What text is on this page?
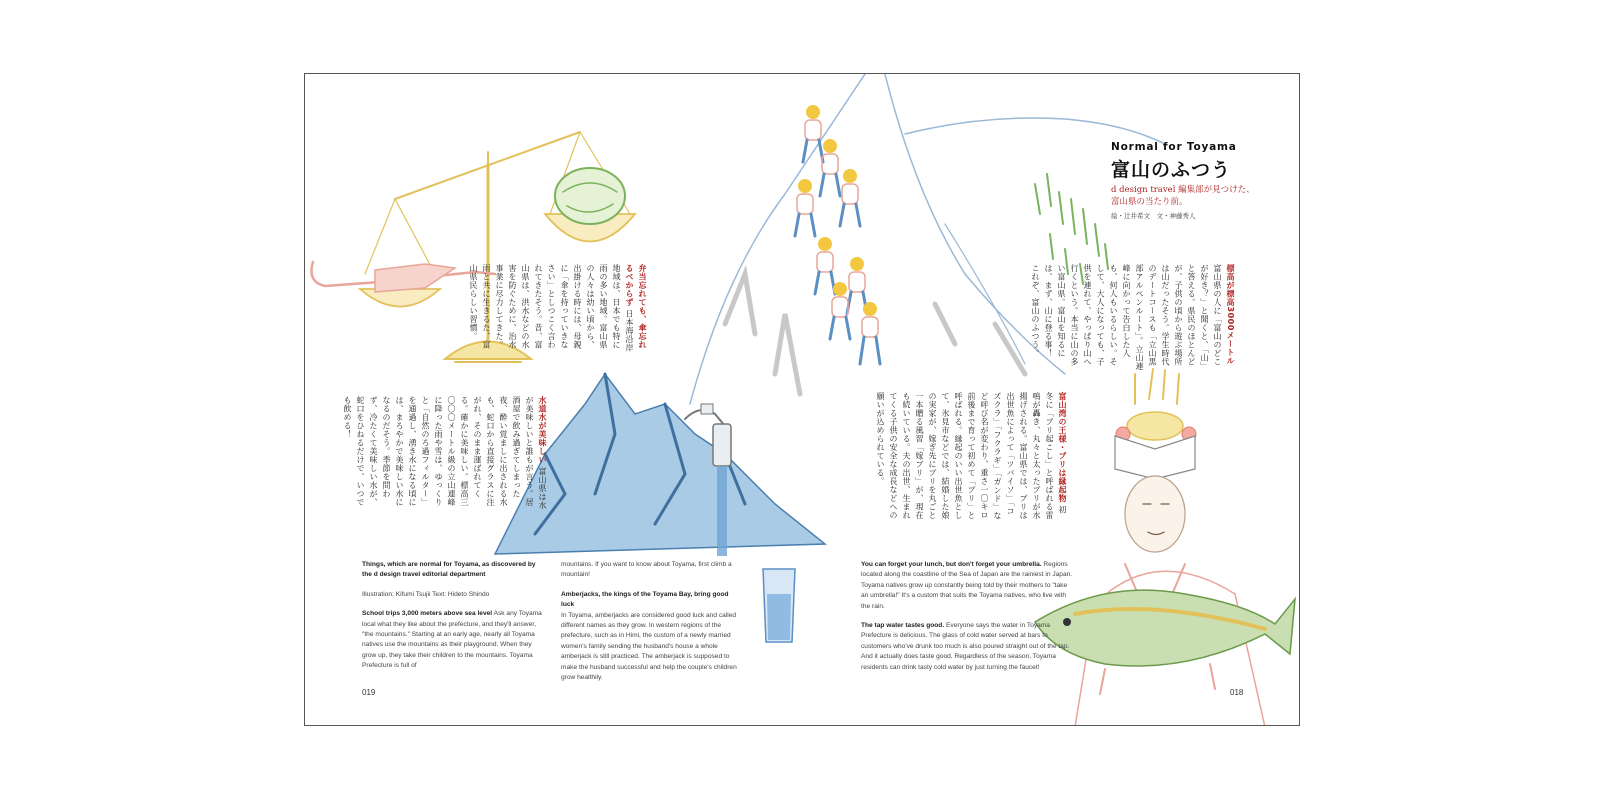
Normal for Toyama
富山のふつう
d design travel 編集部が見つけた、
富山県の当たり前。
絵・辻井希文　文・神藤秀人
標高が標高3000メートル 富山県の人に「富山のどこが好き？」と聞くと、「山」と答える。県民のほとんどが、子供の頃から遊ぶ場所は山だったそう。学生時代のデートコースも「立山黒部アルペンルート」。立山連峰に向かって告白した人も、何人もいるらしい。そして、大人になっても、子供を連れて、やっぱり山へ行くという。本当に山の多い富山県。富山を知るには、まず、山に登る事！　これぞ、富山のふつう。
弁当忘れても、傘忘れるべからず 日本海沿岸地域は、日本でも特に雨の多い地域。富山県の人々は幼い頃から、出掛ける時には、母親に「傘を持っていきなさい」としつこく言われてきたそう。昔、富山県は、洪水などの水害を防ぐために、治水事業に尽力してきた。雨と共に生きるた、富山県民らしい習慣。
水道水が美味しい 富山県は水が美味しいと誰もが言う。居酒屋で飲み過ぎてしまった夜、酔い覚ましに出される水も、蛇口から直接グラスに注がれ、そのまま運ばれてくる。確かに美味しい。標高三〇〇〇メートル級の立山連峰に降った雨や雪は、ゆっくりと「自然のろ過フィルター」を通過し、湧き水になる頃には、まろやかで美味しい水になるのだそう。季節を問わず、冷たくて美味しい水が、蛇口をひねるだけで、いつでも飲める！	富山湾の王様・ブリは縁起物 初冬に「ブリ起こし」と呼ばれる雷鳴が轟き、丸々と太ったブリが水揚げされる。富山県では、ブリは出世魚によって「ツバイソ」「コズクラ」「フクラギ」「ガンド」など呼び名が変わり、重さ一〇キロ前後まで育って初めて「ブリ」と呼ばれる。縁起のいい出世魚として、氷見市などでは、結婚した娘の実家が、嫁ぎ先にブリを丸ごと一本贈る風習「嫁ブリ」が、現在も続いている。夫の出世、生まれてくる子供の安全な成長などへの願いが込められている。
Things, which are normal for Toyama, as discovered by the d design travel editorial department
Illustration: Kifumi Tsujii Text: Hideto Shindo
School trips 3,000 meters above sea level Ask any Toyama local what they like about the prefecture, and they'll answer, "the mountains." Starting at an early age, nearly all Toyama natives use the mountains as their playground. When they grow up, they take their children to the mountains. Toyama Prefecture is full of
mountains. If you want to know about Toyama, first climb a mountain!
Amberjacks, the kings of the Toyama Bay, bring good luck
In Toyama, amberjacks are considered good luck and called different names as they grow. In western regions of the prefecture, such as in Himi, the custom of a newly married women's family sending the husband's house a whole amberjack is still practiced. The amberjack is supposed to make the husband successful and help the couple's children grow healthily.
You can forget your lunch, but don't forget your umbrella. Regions located along the coastline of the Sea of Japan are the rainiest in Japan. Toyama natives grow up constantly being told by their mothers to "take an umbrella!" It's a custom that suits the Toyama natives, who live with the rain.
The tap water tastes good. Everyone says the water in Toyama Prefecture is delicious. The glass of cold water served at bars to customers who've drunk too much is also poured straight out of the tap. And it actually does taste good. Regardless of the season, Toyama residents can drink tasty cold water by just turning the faucet!
019	018
